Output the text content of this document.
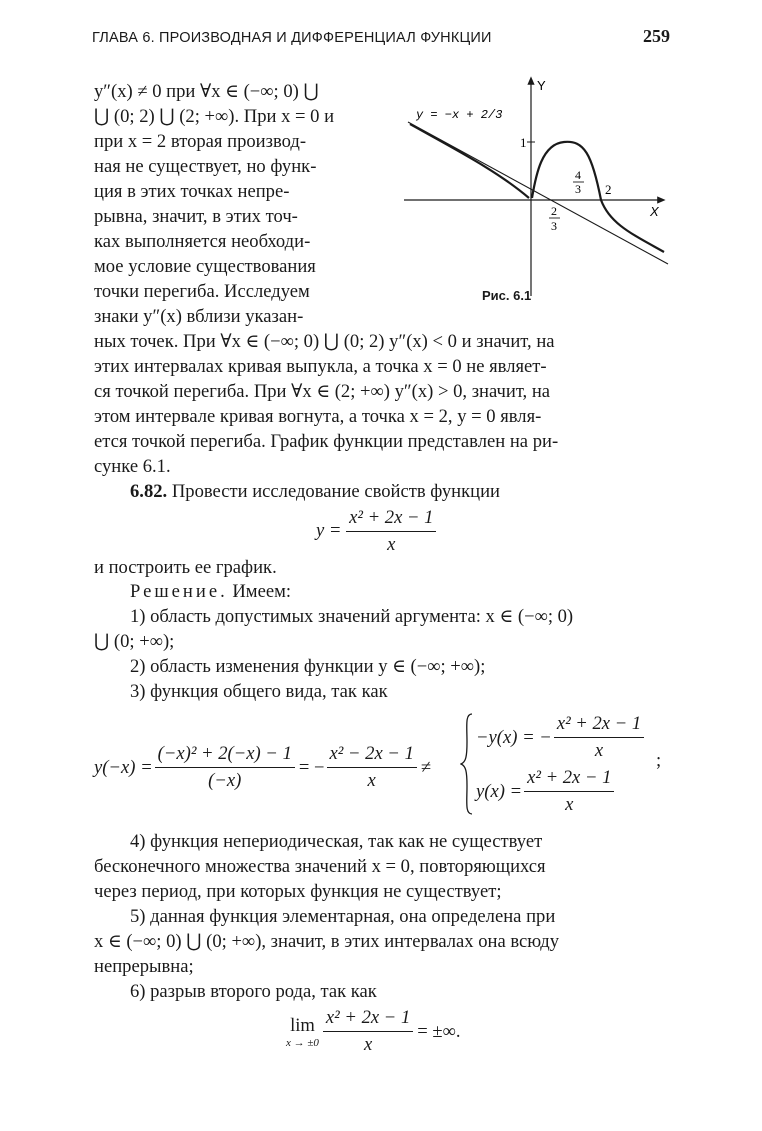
ГЛАВА 6. ПРОИЗВОДНАЯ И ДИФФЕРЕНЦИАЛ ФУНКЦИИ	259
y = −x + 2/3
Y
X
1
2
4
3
2
3
Рис. 6.1
y″(x) ≠ 0 при ∀x ∈ (−∞; 0) ⋃
⋃ (0; 2) ⋃ (2; +∞). При x = 0 и
при x = 2 вторая производ-
ная не существует, но функ-
ция в этих точках непре-
рывна, значит, в этих точ-
ках выполняется необходи-
мое условие существования
точки перегиба. Исследуем
знаки y″(x) вблизи указан-
ных точек. При ∀x ∈ (−∞; 0) ⋃ (0; 2) y″(x) < 0 и значит, на
этих интервалах кривая выпукла, а точка x = 0 не являет-
ся точкой перегиба. При ∀x ∈ (2; +∞) y″(x) > 0, значит, на
этом интервале кривая вогнута, а точка x = 2, y = 0 явля-
ется точкой перегиба. График функции представлен на ри-
сунке 6.1.
6.82. Провести исследование свойств функции
$y = \frac{\text{x² + 2x − 1}}{x}$
и построить ее график.
Решение. Имеем:
1) область допустимых значений аргумента: x ∈ (−∞; 0)
⋃ (0; +∞);
2) область изменения функции y ∈ (−∞; +∞);
3) функция общего вида, так как
$y(-x) = \frac{\text{(−x)² + 2(−x) − 1}}{(-x)}$ = − $\frac{\text{x² − 2x − 1}}{x}$ ≠
−y(x) = − $\frac{\text{x² + 2x − 1}}{x}$
$y(x) = \frac{\text{x² + 2x − 1}}{x}$
;
4) функция непериодическая, так как не существует
бесконечного множества значений x = 0, повторяющихся
через период, при которых функция не существует;
5) данная функция элементарная, она определена при
x ∈ (−∞; 0) ⋃ (0; +∞), значит, в этих интервалах она всюду
непрерывна;
6) разрыв второго рода, так как
lim
$x \to \pm 0 \frac{\text{x² + 2x − 1}}{x}$ = ±∞.
